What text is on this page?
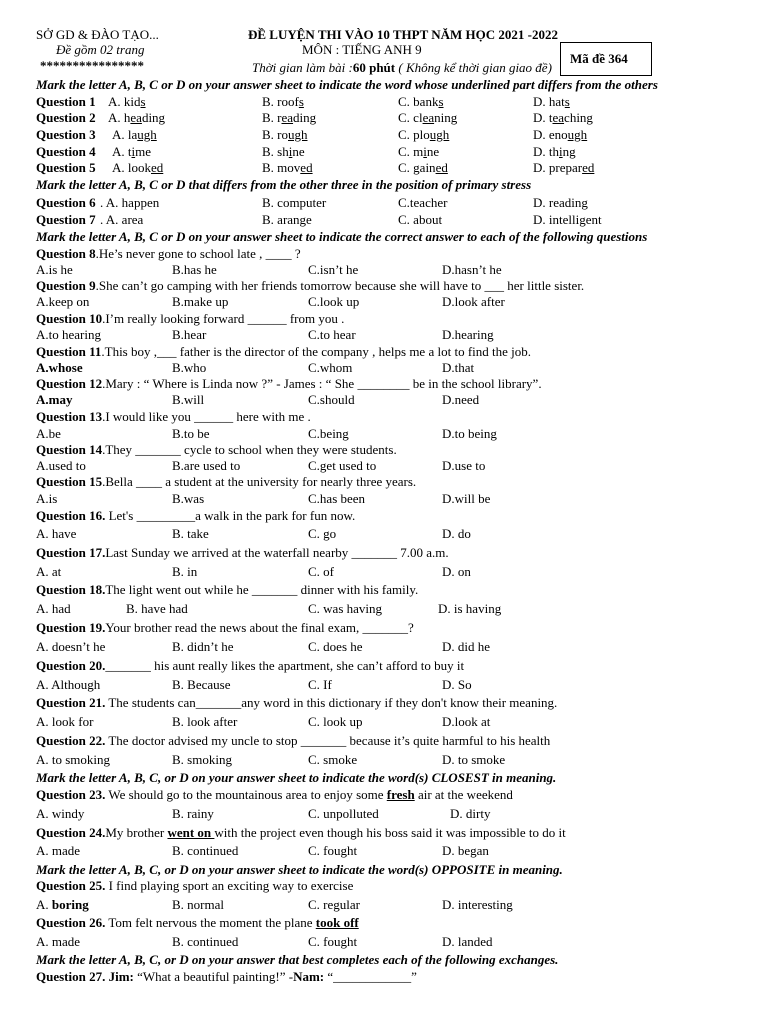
SỞ GD & ĐÀO TẠO...
Đề gồm 02 trang
****************
ĐỀ LUYỆN THI VÀO 10 THPT NĂM HỌC 2021 -2022
MÔN : TIẾNG ANH 9
Thời gian làm bài :60 phút ( Không kể thời gian giao đề)
Mã đề 364
Mark the letter A, B, C or D on your answer sheet to indicate the word whose underlined part differs from the others
Question 1 A. kids	B. roofs	C. banks	D. hats
Question 2 A. heading	B. reading	C. cleaning	D. teaching
Question 3 A. laugh	B. rough	C. plough	D. enough
Question 4 A. time	B. shine	C. mine	D. thing
Question 5 A. looked	B. moved	C. gained	D. prepared
Mark the letter A, B, C or D that differs from the other three in the position of primary stress
Question 6 . A. happen	B. computer	C.teacher	D. reading
Question 7 . A. area	B. arange	C. about	D. intelligent
Mark the letter A, B, C or D on your answer sheet to indicate the correct answer to each of the following questions
Question 8.He’s never gone to school late , ____ ?
A.is he	B.has he	C.isn’t he	D.hasn’t he
Question 9.She can’t go camping with her friends tomorrow because she will have to ___ her little sister.
A.keep on	B.make up	C.look up	D.look after
Question 10.I’m really looking forward ______ from you .
A.to hearing	B.hear	C.to hear	D.hearing
Question 11.This boy ,___ father is the director of the company , helps me a lot to find the job.
A.whose	B.who	C.whom	D.that
Question 12.Mary : “ Where is Linda now ?” - James : “ She ________ be in the school library”.
A.may	B.will	C.should	D.need
Question 13.I would like you ______ here with me .
A.be	B.to be	C.being	D.to being
Question 14.They _______ cycle to school when they were students.
A.used to	B.are used to	C.get used to	D.use to
Question 15.Bella ____ a student at the university for nearly three years.
A.is	B.was	C.has been	D.will be
Question 16. Let's _________a walk in the park for fun now.
A. have	B. take	C. go	D. do
Question 17.Last Sunday we arrived at the waterfall nearby _______ 7.00 a.m.
A. at	B. in	C. of	D. on
Question 18.The light went out while he _______ dinner with his family.
A. had	B. have had	C. was having	D. is having
Question 19.Your brother read the news about the final exam, _______?
A. doesn’t he	B. didn’t he	C. does he	D. did he
Question 20._______ his aunt really likes the apartment, she can’t afford to buy it
A. Although	B. Because	C. If	D. So
Question 21. The students can_______any word in this dictionary if they don't know their meaning.
A. look for	B. look after	C. look up	D.look at
Question 22. The doctor advised my uncle to stop _______ because it’s quite harmful to his health
A. to smoking	B. smoking	C. smoke	D. to smoke
Mark the letter A, B, C, or D on your answer sheet to indicate the word(s) CLOSEST in meaning.
Question 23. We should go to the mountainous area to enjoy some fresh air at the weekend
A. windy	B. rainy	C. unpolluted	D. dirty
Question 24.My brother went on with the project even though his boss said it was impossible to do it
A. made	B. continued	C. fought	D. began
Mark the letter A, B, C, or D on your answer sheet to indicate the word(s) OPPOSITE in meaning.
Question 25. I find playing sport an exciting way to exercise
A. boring	B. normal	C. regular	D. interesting
Question 26. Tom felt nervous the moment the plane took off
A. made	B. continued	C. fought	D. landed
Mark the letter A, B, C, or D on your answer that best completes each of the following exchanges.
Question 27. Jim: “What a beautiful painting!” -Nam: “____________”
